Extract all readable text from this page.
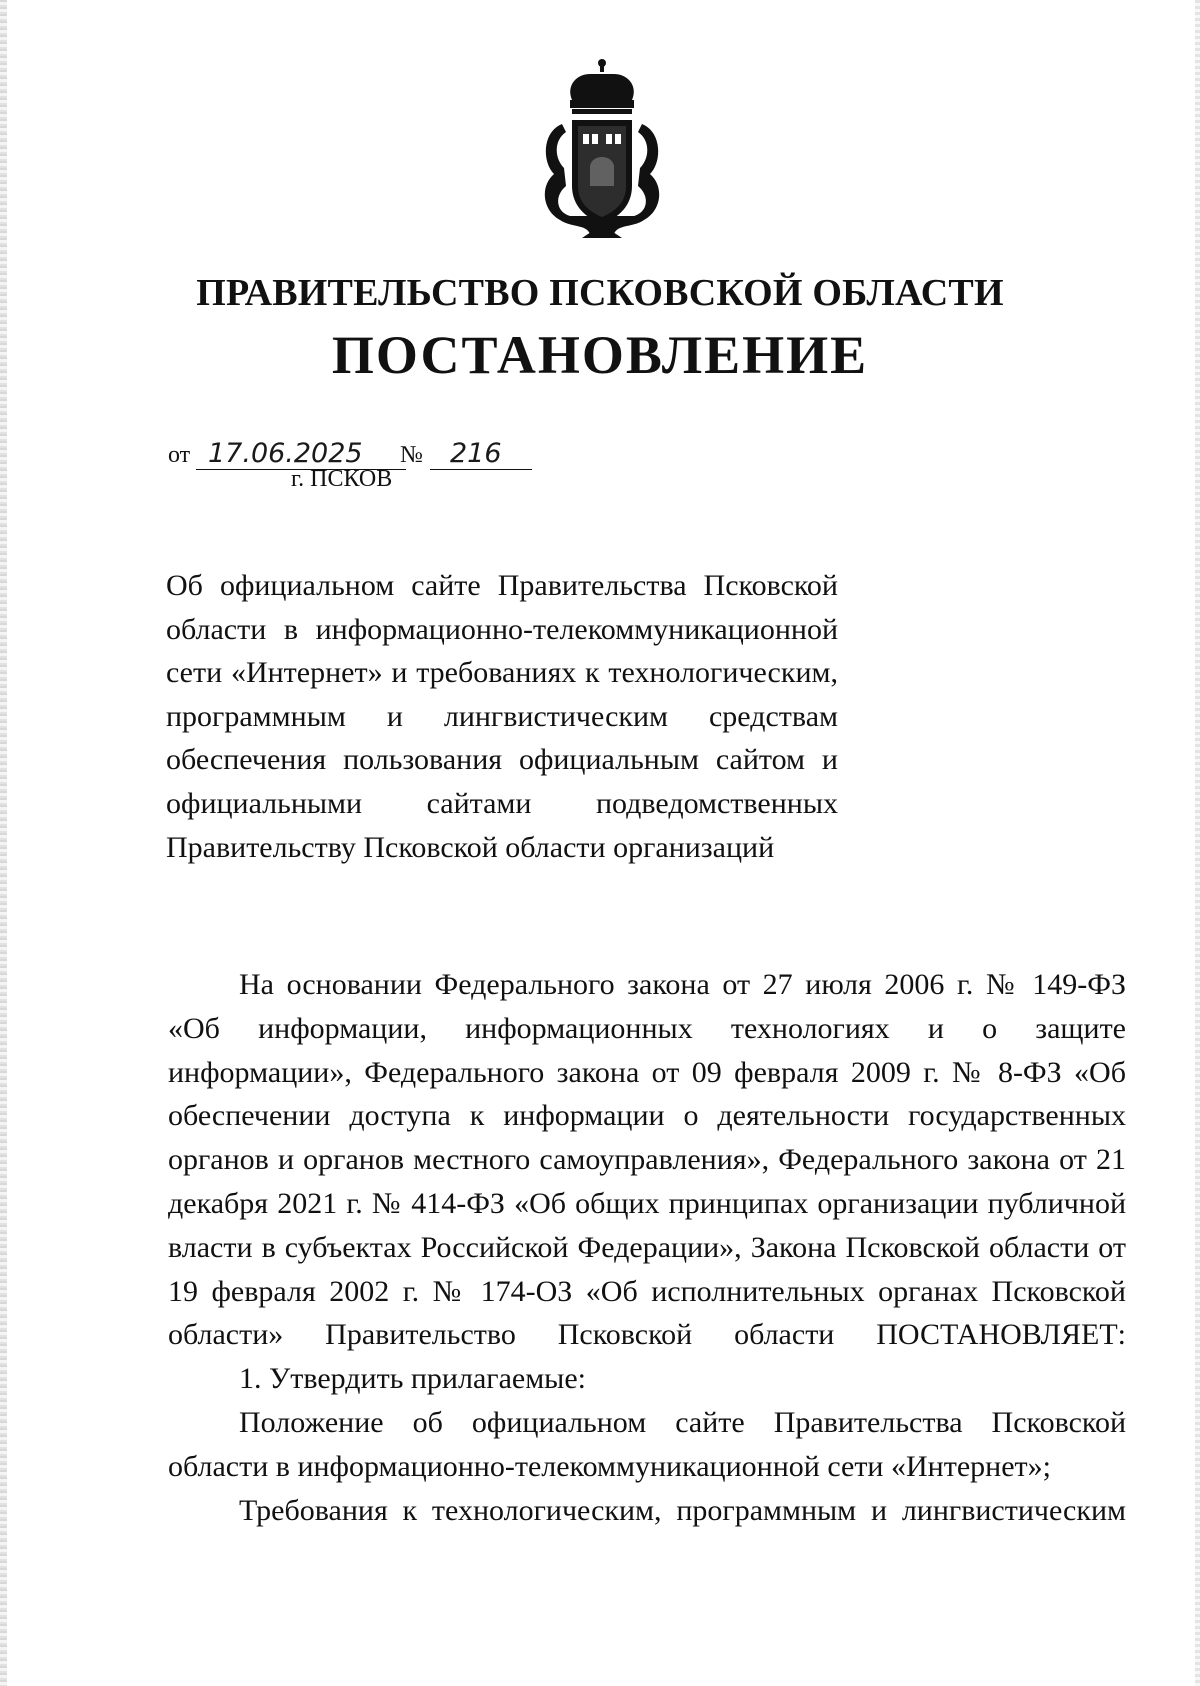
ПРАВИТЕЛЬСТВО ПСКОВСКОЙ ОБЛАСТИ
ПОСТАНОВЛЕНИЕ
от 17.06.2025 № 216
г. ПСКОВ
Об официальном сайте Правительства Псковской области в информационно-телекоммуникационной сети «Интернет» и требованиях к технологическим, программным и лингвистическим средствам обеспечения пользования официальным сайтом и официальными сайтами подведомственных Правительству Псковской области организаций

На основании Федерального закона от 27 июля 2006 г. № 149-ФЗ «Об информации, информационных технологиях и о защите информации», Федерального закона от 09 февраля 2009 г. № 8-ФЗ «Об обеспечении доступа к информации о деятельности государственных органов и органов местного самоуправления», Федерального закона от 21 декабря 2021 г. № 414-ФЗ «Об общих принципах организации публичной власти в субъектах Российской Федерации», Закона Псковской области от 19 февраля 2002 г. № 174-ОЗ «Об исполнительных органах Псковской области» Правительство Псковской области ПОСТАНОВЛЯЕТ:

1. Утвердить прилагаемые:

Положение об официальном сайте Правительства Псковской области в информационно-телекоммуникационной сети «Интернет»;

Требования к технологическим, программным и лингвистическим
